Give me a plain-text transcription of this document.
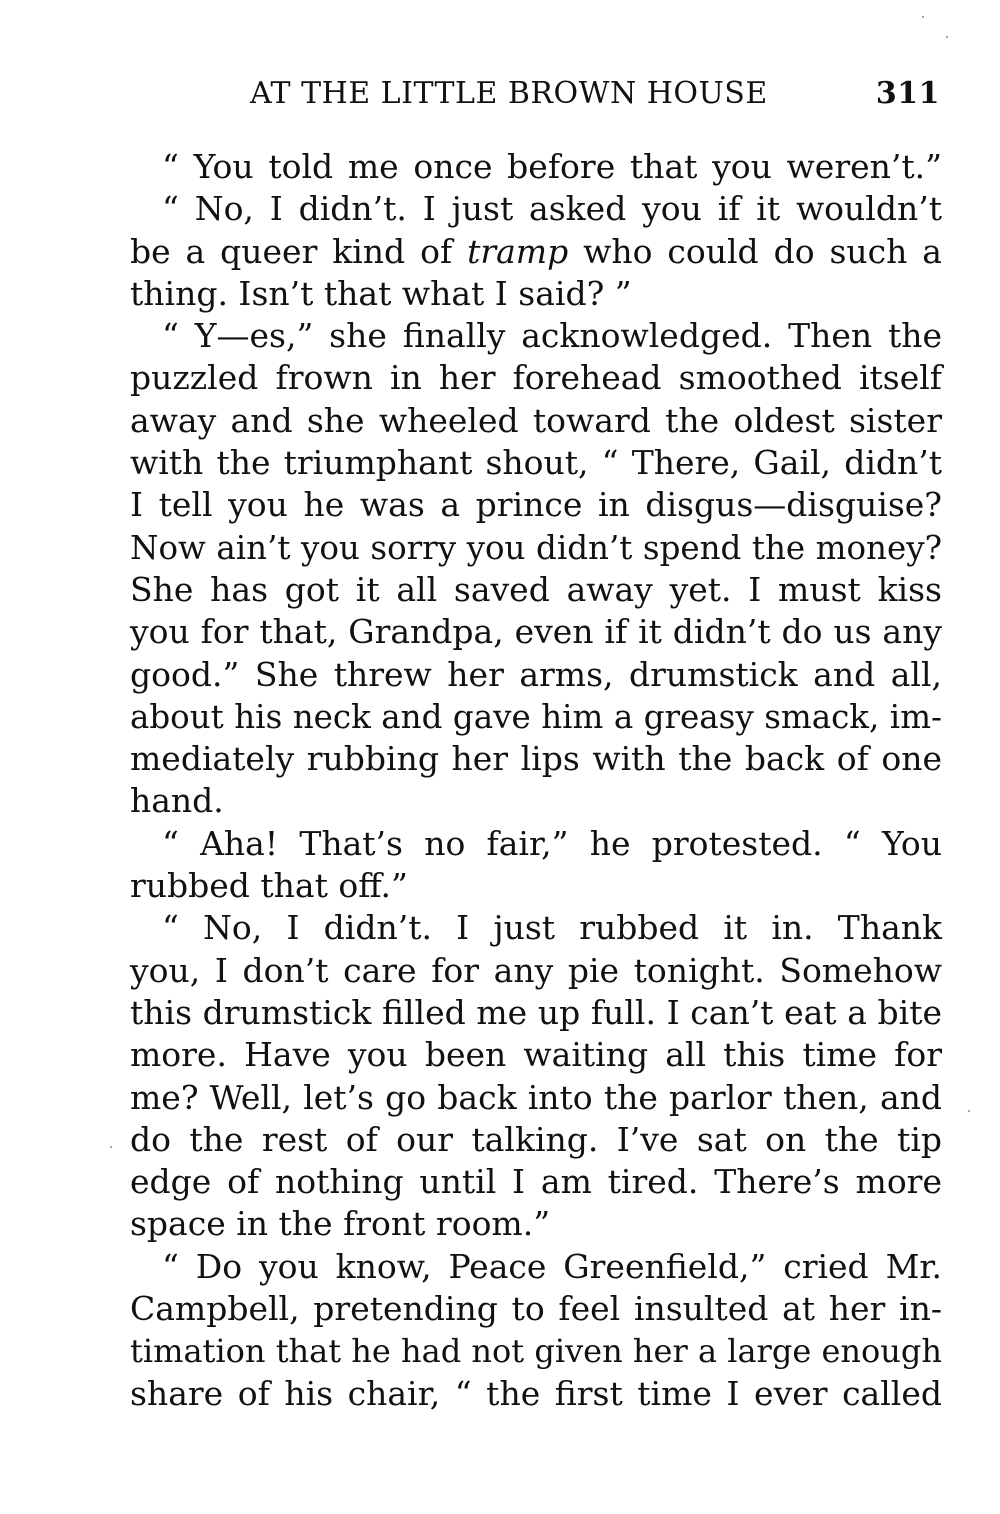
AT THE LITTLE BROWN HOUSE	311
“ You told me once before that you weren’t.”
“ No, I didn’t. I just asked you if it wouldn’t
be a queer kind of tramp who could do such a
thing. Isn’t that what I said? ”
“ Y—es,” she finally acknowledged. Then the
puzzled frown in her forehead smoothed itself
away and she wheeled toward the oldest sister
with the triumphant shout, “ There, Gail, didn’t
I tell you he was a prince in disgus—disguise?
Now ain’t you sorry you didn’t spend the money?
She has got it all saved away yet. I must kiss
you for that, Grandpa, even if it didn’t do us any
good.” She threw her arms, drumstick and all,
about his neck and gave him a greasy smack, im-
mediately rubbing her lips with the back of one
hand.
“ Aha! That’s no fair,” he protested. “ You
rubbed that off.”
“ No, I didn’t. I just rubbed it in. Thank
you, I don’t care for any pie tonight. Somehow
this drumstick filled me up full. I can’t eat a bite
more. Have you been waiting all this time for
me? Well, let’s go back into the parlor then, and
do the rest of our talking. I’ve sat on the tip
edge of nothing until I am tired. There’s more
space in the front room.”
“ Do you know, Peace Greenfield,” cried Mr.
Campbell, pretending to feel insulted at her in-
timation that he had not given her a large enough
share of his chair, “ the first time I ever called
